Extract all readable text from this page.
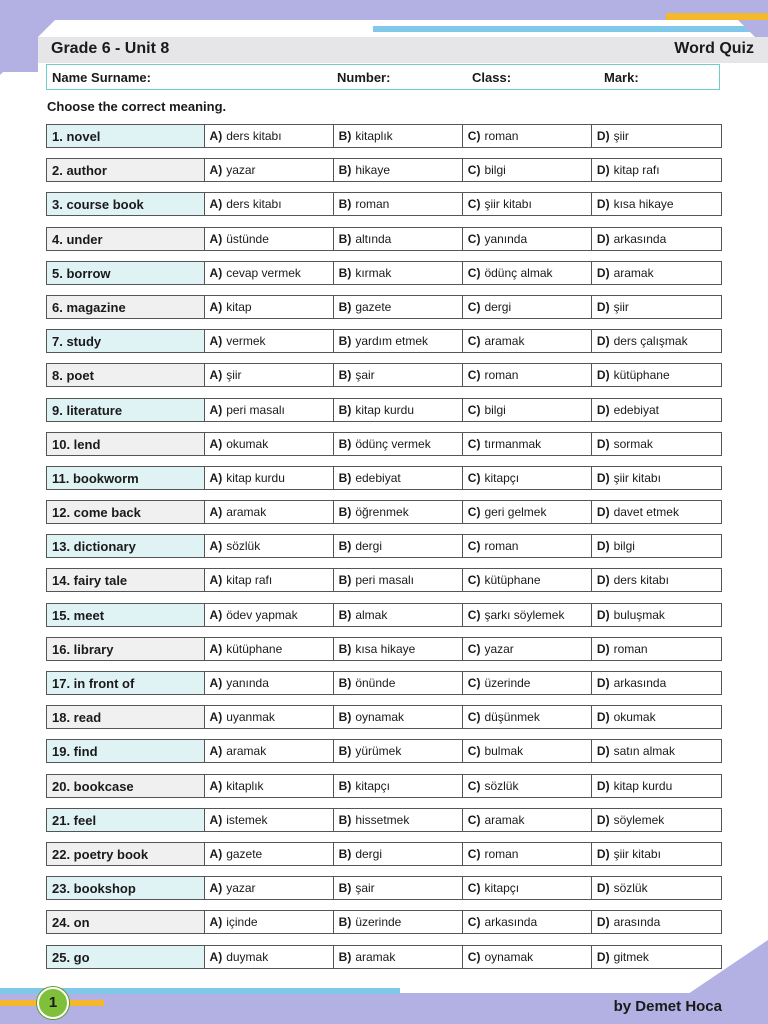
Grade 6 - Unit 8	Word Quiz
Name Surname:	Number:	Class:	Mark:
Choose the correct meaning.
1. novel	A) ders kitabı	B) kitaplık	C) roman	D) şiir
2. author	A) yazar	B) hikaye	C) bilgi	D) kitap rafı
3. course book	A) ders kitabı	B) roman	C) şiir kitabı	D) kısa hikaye
4. under	A) üstünde	B) altında	C) yanında	D) arkasında
5. borrow	A) cevap vermek	B) kırmak	C) ödünç almak	D) aramak
6. magazine	A) kitap	B) gazete	C) dergi	D) şiir
7. study	A) vermek	B) yardım etmek	C) aramak	D) ders çalışmak
8. poet	A) şiir	B) şair	C) roman	D) kütüphane
9. literature	A) peri masalı	B) kitap kurdu	C) bilgi	D) edebiyat
10. lend	A) okumak	B) ödünç vermek	C) tırmanmak	D) sormak
11. bookworm	A) kitap kurdu	B) edebiyat	C) kitapçı	D) şiir kitabı
12. come back	A) aramak	B) öğrenmek	C) geri gelmek	D) davet etmek
13. dictionary	A) sözlük	B) dergi	C) roman	D) bilgi
14. fairy tale	A) kitap rafı	B) peri masalı	C) kütüphane	D) ders kitabı
15. meet	A) ödev yapmak	B) almak	C) şarkı söylemek	D) buluşmak
16. library	A) kütüphane	B) kısa hikaye	C) yazar	D) roman
17. in front of	A) yanında	B) önünde	C) üzerinde	D) arkasında
18. read	A) uyanmak	B) oynamak	C) düşünmek	D) okumak
19. find	A) aramak	B) yürümek	C) bulmak	D) satın almak
20. bookcase	A) kitaplık	B) kitapçı	C) sözlük	D) kitap kurdu
21. feel	A) istemek	B) hissetmek	C) aramak	D) söylemek
22. poetry book	A) gazete	B) dergi	C) roman	D) şiir kitabı
23. bookshop	A) yazar	B) şair	C) kitapçı	D) sözlük
24. on	A) içinde	B) üzerinde	C) arkasında	D) arasında
25. go	A) duymak	B) aramak	C) oynamak	D) gitmek
1	by Demet Hoca
